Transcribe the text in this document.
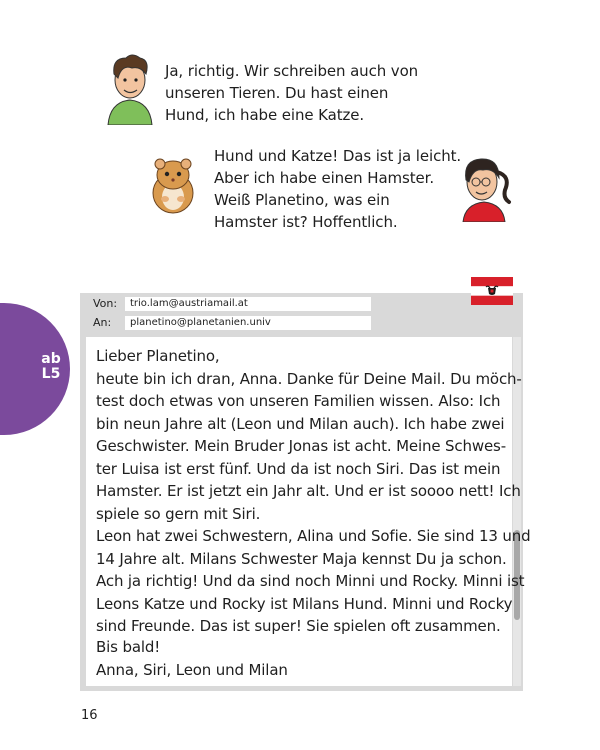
Ja, richtig. Wir schreiben auch von
unseren Tieren. Du hast einen
Hund, ich habe eine Katze.
Hund und Katze! Das ist ja leicht.
Aber ich habe einen Hamster.
Weiß Planetino, was ein
Hamster ist? Hoffentlich.
ab
L5
Von:	trio.lam@austriamail.at
An:	planetino@planetanien.univ
Lieber Planetino,
heute bin ich dran, Anna. Danke für Deine Mail. Du möch-
test doch etwas von unseren Familien wissen. Also: Ich
bin neun Jahre alt (Leon und Milan auch). Ich habe zwei
Geschwister. Mein Bruder Jonas ist acht. Meine Schwes-
ter Luisa ist erst fünf. Und da ist noch Siri. Das ist mein
Hamster. Er ist jetzt ein Jahr alt. Und er ist soooo nett! Ich
spiele so gern mit Siri.
Leon hat zwei Schwestern, Alina und Sofie. Sie sind 13 und
14 Jahre alt. Milans Schwester Maja kennst Du ja schon.
Ach ja richtig! Und da sind noch Minni und Rocky. Minni ist
Leons Katze und Rocky ist Milans Hund. Minni und Rocky
sind Freunde. Das ist super! Sie spielen oft zusammen.
Bis bald!
Anna, Siri, Leon und Milan
16
